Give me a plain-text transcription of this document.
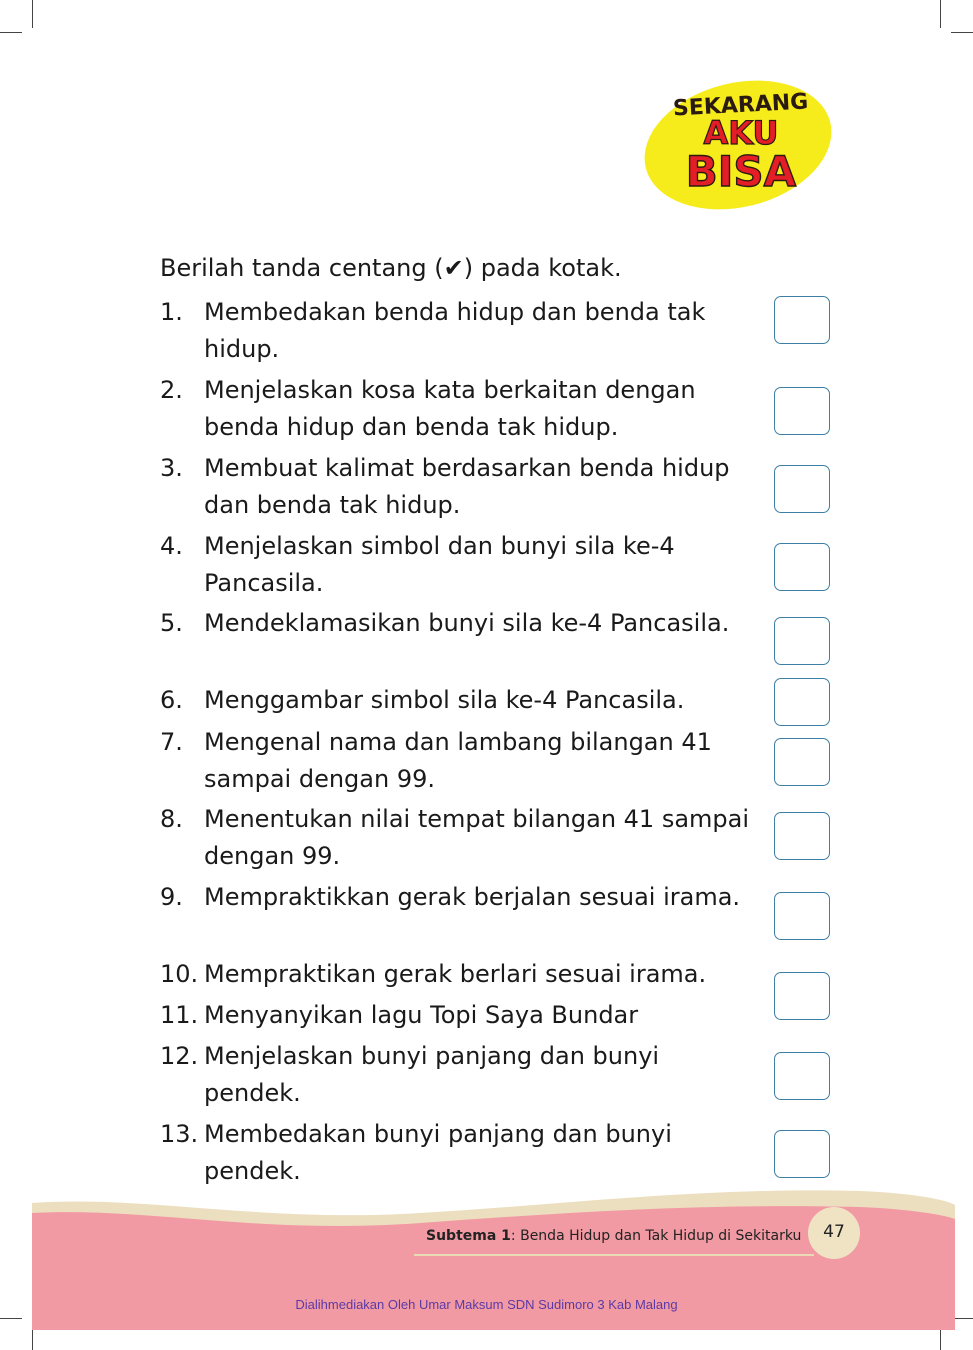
SEKARANG
AKU
BISA
Berilah tanda centang (✔) pada kotak.
1. Membedakan benda hidup dan benda tak hidup.
2. Menjelaskan kosa kata berkaitan dengan benda hidup dan benda tak hidup.
3. Membuat kalimat berdasarkan benda hidup dan benda tak hidup.
4. Menjelaskan simbol dan bunyi sila ke-4 Pancasila.
5. Mendeklamasikan bunyi sila ke-4 Pancasila.
6. Menggambar simbol sila ke-4 Pancasila.
7. Mengenal nama dan lambang bilangan 41 sampai dengan 99.
8. Menentukan nilai tempat bilangan 41 sampai dengan 99.
9. Mempraktikkan gerak berjalan sesuai irama.
10. Mempraktikan gerak berlari sesuai irama.
11. Menyanyikan lagu Topi Saya Bundar
12. Menjelaskan bunyi panjang dan bunyi pendek.
13. Membedakan bunyi panjang dan bunyi pendek.
Subtema 1: Benda Hidup dan Tak Hidup di Sekitarku	47
Dialihmediakan Oleh Umar Maksum SDN Sudimoro 3 Kab Malang
